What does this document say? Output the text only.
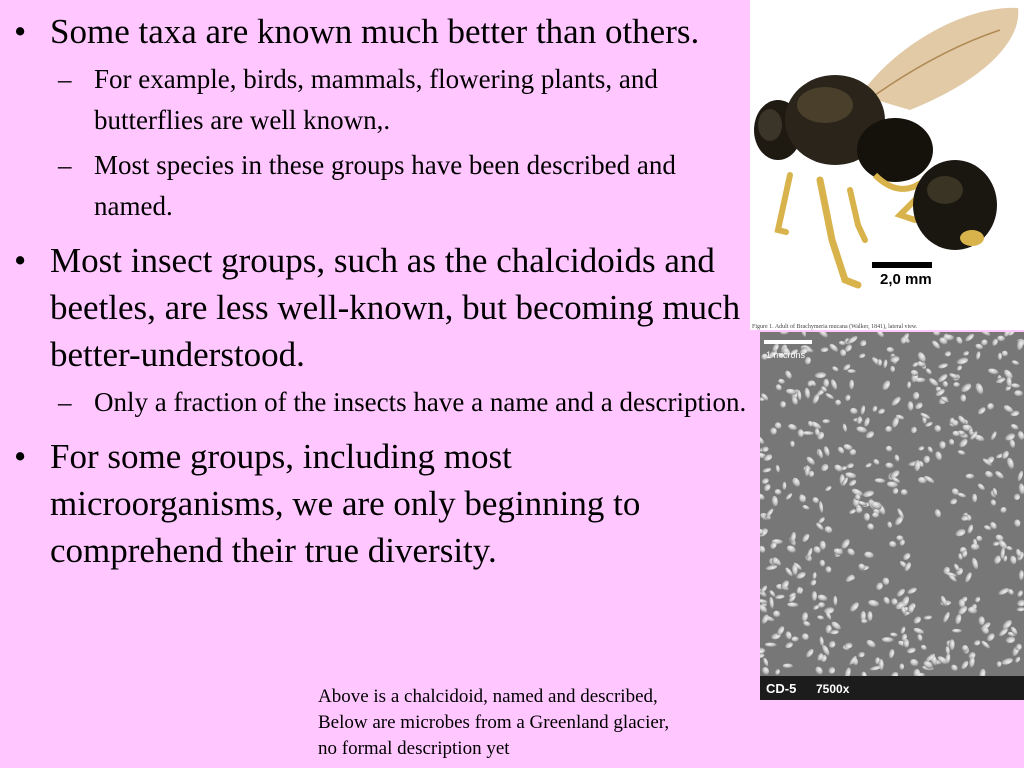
• Some taxa are known much better than others.
– For example, birds, mammals, flowering plants, and butterflies are well known,.
– Most species in these groups have been described and named.
• Most insect groups, such as the chalcidoids and beetles, are less well-known, but becoming much better-understood.
– Only a fraction of the insects have a name and a description.
• For some groups, including most microorganisms, we are only beginning to comprehend their true diversity.
Above is a chalcidoid, named and described,
Below are microbes from a Greenland glacier,
no formal description yet
2,0 mm
Figure 1. Adult of Brachymeria mucana (Walker, 1841), lateral view.
1 microns
CD-5 7500x
